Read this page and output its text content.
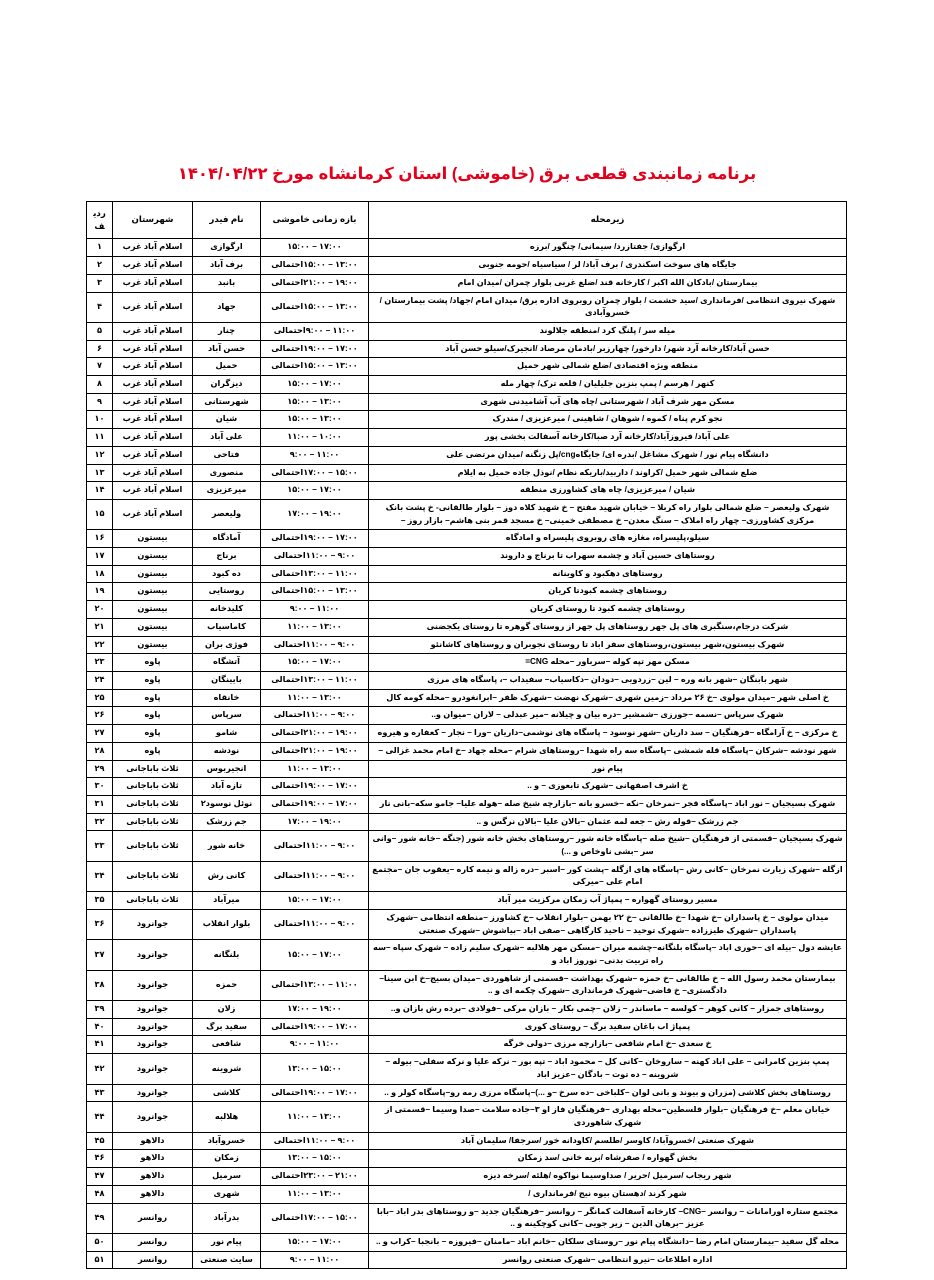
برنامه زمانبندی قطعی برق (خاموشی) استان کرمانشاه مورخ ۱۴۰۴/۰۴/۲۲
زیرمحله	بازه زمانی خاموشی	نام فیدر	شهرستان	ردیف
ارگوازی/ جفتازرد/ سیمانی/ چنگور /برزه	۱۷:۰۰ – ۱۵:۰۰	ارگوازی	اسلام آباد غرب	۱
جایگاه های سوخت اسکندری / برف آباد/ لر / سیاسیاه /حومه جنوبی	۱۳:۰۰ – ۱۵:۰۰احتمالی	برف آباد	اسلام آباد غرب	۲
بیمارستان /بادکان الله اکبر / کارخانه قند /ضلع غربی بلوار چمران /میدان امام	۱۹:۰۰ – ۲۱:۰۰احتمالی	بانبد	اسلام آباد غرب	۳
شهرک نیروی انتظامی /فرمانداری /سید حشمت / بلوار چمران روبروی اداره برق/ میدان امام /جهاد/ پشت بیمارستان / خسروآبادی	۱۳:۰۰ – ۱۵:۰۰احتمالی	جهاد	اسلام آباد غرب	۴
میله سر / پلنگ کرد /منطقه جلالوند	۱۱:۰۰ – ۹:۰۰احتمالی	چنار	اسلام آباد غرب	۵
حسن آباد/کارخانه آرد شهر/ دارخور/ چهارزبر /بادمان مرصاد /انجیرک/سیلو حسن آباد	۱۷:۰۰ – ۱۹:۰۰احتمالی	حسن آباد	اسلام آباد غرب	۶
منطقه ویژه اقتصادی /ضلع شمالی شهر حمیل	۱۳:۰۰ – ۱۵:۰۰احتمالی	حمیل	اسلام آباد غرب	۷
کنهر / هرسم / پمپ بنزین جلیلیان / قلعه ترک/ چهار مله	۱۷:۰۰ – ۱۵:۰۰	دیزگران	اسلام آباد غرب	۸
مسکن مهر شرف آباد / شهرستانی /چاه های آب آشامیدنی شهری	۱۳:۰۰ – ۱۵:۰۰	شهرستانی	اسلام آباد غرب	۹
نجو کرم پناه / کموه / شوهان / شاهینی / میرعزیزی / مندرک	۱۳:۰۰ – ۱۵:۰۰	شیان	اسلام آباد غرب	۱۰
علی آباد/ فیروزآباد/کارخانه آرد صبا/کارخانه آسفالت بخشی پور	۱۰:۰۰ – ۱۱:۰۰	علی آباد	اسلام آباد غرب	۱۱
دانشگاه پیام نور / شهرک مشاغل /بدره ای/ جایگاهcng/پل زنگنه /میدان مرتضی علی	۱۱:۰۰ – ۹:۰۰	فتاحی	اسلام آباد غرب	۱۲
ضلع شمالی شهر حمیل /کراوند / داربید/باریکه نظام /نوذل جاده حمیل به ایلام	۱۵:۰۰ – ۱۷:۰۰احتمالی	منصوری	اسلام آباد غرب	۱۳
شیان / میرعزیزی/ چاه های کشاورزی منطقه	۱۷:۰۰ – ۱۵:۰۰	میرعزیزی	اسلام آباد غرب	۱۴
شهرک ولیعصر – ضلع شمالی بلوار راه کربلا – خیابان شهید مفتح – خ شهید کلاه دوز – بلوار طالقانی- خ پشت بانک مرکزی کشاورزی– چهار راه املاک – سنگ معدن– خ مصطفی خمینی– خ مسجد قمر بنی هاشم– بازار روز –	۱۹:۰۰ – ۱۷:۰۰	ولیعصر	اسلام آباد غرب	۱۵
سیلو،پلیسراه، مغازه های روبروی پلیسراه و امادگاه	۱۷:۰۰ – ۱۹:۰۰احتمالی	آمادگاه	بیستون	۱۶
روستاهای حسین آباد و چشمه سهراب تا برناج و داروند	۹:۰۰ – ۱۱:۰۰احتمالی	برناج	بیستون	۱۷
روستاهای دهکبود و کاوینانه	۱۱:۰۰ – ۱۳:۰۰احتمالی	ده کبود	بیستون	۱۸
روستاهای چشمه کبودتا کریان	۱۳:۰۰ – ۱۵:۰۰احتمالی	روستایی	بیستون	۱۹
روستاهای چشمه کبود تا روستای کریان	۱۱:۰۰ – ۹:۰۰	کلیدخانه	بیستون	۲۰
شرکت درجام،سنگبری های پل جهر روستاهای پل جهر از روستای گوهره تا روستای یکجضنی	۱۳:۰۰ – ۱۱:۰۰	کاماسیاب	بیستون	۲۱
شهرک بیستون،شهر بیستون،روستاهای سفر اباد تا روستای نجوبران و روستاهای کاشانئو	۹:۰۰ – ۱۱:۰۰احتمالی	فوژی بران	بیستون	۲۲
مسکن مهر تپه کوله –سرباور –محله CNG=	۱۷:۰۰ – ۱۵:۰۰	آتشگاه	پاوه	۲۳
شهر بابنگان –شهر بانه وره – لین –زردویی –دودان –دکاسیاب– سفیداب –، پاسگاه های مرزی	۱۱:۰۰ – ۱۳:۰۰احتمالی	بایینگان	پاوه	۲۴
خ اصلی شهر –میدان مولوی –خ ۲۶ مرداد –زمین شهری –شهرک نهضت –شهرک ظفر –ابرانغودرو –محله کومه کال	۱۳:۰۰ – ۱۱:۰۰	خانقاه	پاوه	۲۵
شهرک سرپاس –نسمه –جورزی –شمشیر –دره بیان و چیلانه –میر عبدلی – لاران –میوان و..	۹:۰۰ – ۱۱:۰۰احتمالی	سرپاس	پاوه	۲۶
خ مرکزی – خ آرامگاه –فرهنگیان – سد داریان –شهر نوسود – پاسگاه های نوشمی–داریان –ورا – نجار – کعفاره و هیروه	۱۹:۰۰ – ۲۱:۰۰احتمالی	شامو	پاوه	۲۷
شهر نودشه –شرکان –پاسگاه قله شمشی –پاسگاه سه راه شهدا –روستاهای شرام –محله جهاد –خ امام محمد غزالی –	۱۹:۰۰ – ۲۱:۰۰احتمالی	نودشه	پاوه	۲۸
پیام نور	۱۳:۰۰ – ۱۱:۰۰	انجیربوس	ثلاث باباجانی	۲۹
خ اشرف اصفهانی –شهرک تابعوزی – و ..	۱۷:۰۰ – ۱۹:۰۰احتمالی	تازه آباد	ثلاث باباجانی	۳۰
شهرک بسیجیان – نور اباد –پاسگاه قجر –نمرخان –نکه –خسرو بانه –بازارچه شیخ صله –هوله علیا– جامو سکه–بانی نار	۱۷:۰۰ – ۱۹:۰۰احتمالی	نوئل نوسود۲	ثلاث باباجانی	۳۱
جم زرشک –قوله رش – جعه لمه عثمان –بالان علیا –بالان نرگس و ..	۱۹:۰۰ – ۱۷:۰۰	جم زرشک	ثلاث باباجانی	۳۲
شهرک بسیجیان –قسمتی از فرهنگیان –شیخ صله –پاسگاه خانه شور –روستاهای بخش خانه شور (جنگه –خانه شور –وانی سر –بشی ناوخاص و ...)	۹:۰۰ – ۱۱:۰۰احتمالی	خانه شور	ثلاث باباجانی	۳۳
ازگله –شهرک زیارت نمرخان –کانی رش –پاسگاه های ازگله –پشت کور –اسبر –دره زاله و نیمه کاره –یعقوب جان –مجتمع امام علی –میرکی	۹:۰۰ – ۱۱:۰۰احتمالی	کانی رش	ثلاث باباجانی	۳۴
مسیر روستای گهواره – پمپاژ آب زمکان مرکزیت میر آباد	۱۷:۰۰ – ۱۵:۰۰	میرآباد	ثلاث باباجانی	۳۵
میدان مولوی – خ پاسداران –خ شهدا –خ طالقانی –خ ۲۲ بهمن –بلوار انقلاب –خ کشاورز –منطقه انتظامی –شهرک پاسداران –شهرک طیززاده –شهرک توحید – ناحید کارگاهی –صفی اباد –بیاشوش –شهرک صنعتی	۹:۰۰ – ۱۱:۰۰احتمالی	بلوار انقلاب	جوانرود	۳۶
عایشه دول –بیله ای –حوری اباد –پاسگاه بلنگانه–چشمه میران –مسکن مهر هلالبه –شهرک سلیم زاده – شهرک سپاه –سه راه تربیت بدنی– نوروز اباد و	۱۷:۰۰ – ۱۵:۰۰	بلنگانه	جوانرود	۳۷
بیمارستان محمد رسول الله – خ طالقانی –خ حمزه –شهرک بهداشت –قسمتی از شاهوردی –میدان بسیج–خ ابن سینا–دادگستری– خ قاضی–شهرک فرمانداری –شهرک چکمه ای و ..	۱۱:۰۰ – ۱۳:۰۰احتمالی	حمزه	جوانرود	۳۸
روستاهای جمزار – کانی کوهر – کولسه – ماساندر – زلان –چمی بکار – بازان مرکی –فولادی –برده رش بازان و..	۱۹:۰۰ – ۱۷:۰۰	زلان	جوانرود	۳۹
پمپاژ اب باغان سفید برگ – روستای کوری	۱۷:۰۰ – ۱۹:۰۰احتمالی	سفید برگ	جوانرود	۴۰
خ سعدی –خ امام شافعی –بازارچه مرزی –دولی خرگه	۱۱:۰۰ – ۹:۰۰	شافعی	جوانرود	۴۱
پمپ بنزین کامرانی – علی اباد کهنه – ساروخان –کانی کل – محمود اباد – تپه بور – نرکه علیا و نرکه سفلی– بیوله – شروینه – ده توت – بادگان –عزیز اباد	۱۵:۰۰ – ۱۳:۰۰	شروینه	جوانرود	۴۲
روستاهای بخش کلاشی (مزران و بیوند و بانی لوان –کلباخی –ده سرخ –و ...)–پاسگاه مرزی رمه رو–پاسگاه کولر و ..	۱۷:۰۰ – ۱۹:۰۰احتمالی	کلاشی	جوانرود	۴۳
خیابان معلم –خ فرهنگیان –بلوار قلسطین–محله بهداری –فرهنگیان فاز او ۳–جاده سلامت –صدا وسیما –قسمتی از شهرک شاهوردی	۱۳:۰۰ – ۱۱:۰۰	هلالبه	جوانرود	۴۴
شهرک صنعتی /خسروآباد/ کاوسر /طلسم /کاودانه خور /سرجفا/ سلیمان آباد	۹:۰۰ – ۱۱:۰۰احتمالی	خسروآباد	دالاهو	۴۵
بخش گهواره / صفرشاه /بربه خانی /سد زمکان	۱۵:۰۰ – ۱۳:۰۰	زمکان	دالاهو	۴۶
شهر ریجاب /سرمیل /حریر / صداوسیما نواکوه /هلئه /سرخه دیزه	۲۱:۰۰ – ۲۳:۰۰احتمالی	سرمیل	دالاهو	۴۷
شهر کرند /دهستان بیوه نیج /فرمانداری /	۱۳:۰۰ – ۱۱:۰۰	شهری	دالاهو	۴۸
مجتمع ستاره اورامانات – روانسر –CNG– کارخانه آسفالت کمانگر – روانسر –فرهنگیان جدید –و روستاهای بدر اباد –بابا عزیز –برهان الدین – زیر جویی –کانی کوچکینه و ..	۱۵:۰۰ – ۱۷:۰۰احتمالی	بدرآباد	روانسر	۴۹
محله گل سفید –بیمارستان امام رضا –دانشگاه پیام نور –روستای سلکان –خانم اباد –مامنان –فیروزه – بانجبا –کراب و ..	۱۷:۰۰ – ۱۵:۰۰	پیام نور	روانسر	۵۰
اداره اطلاعات –نیرو انتظامی –شهرک صنعتی روانسر	۱۱:۰۰ – ۹:۰۰	سایت صنعتی	روانسر	۵۱
